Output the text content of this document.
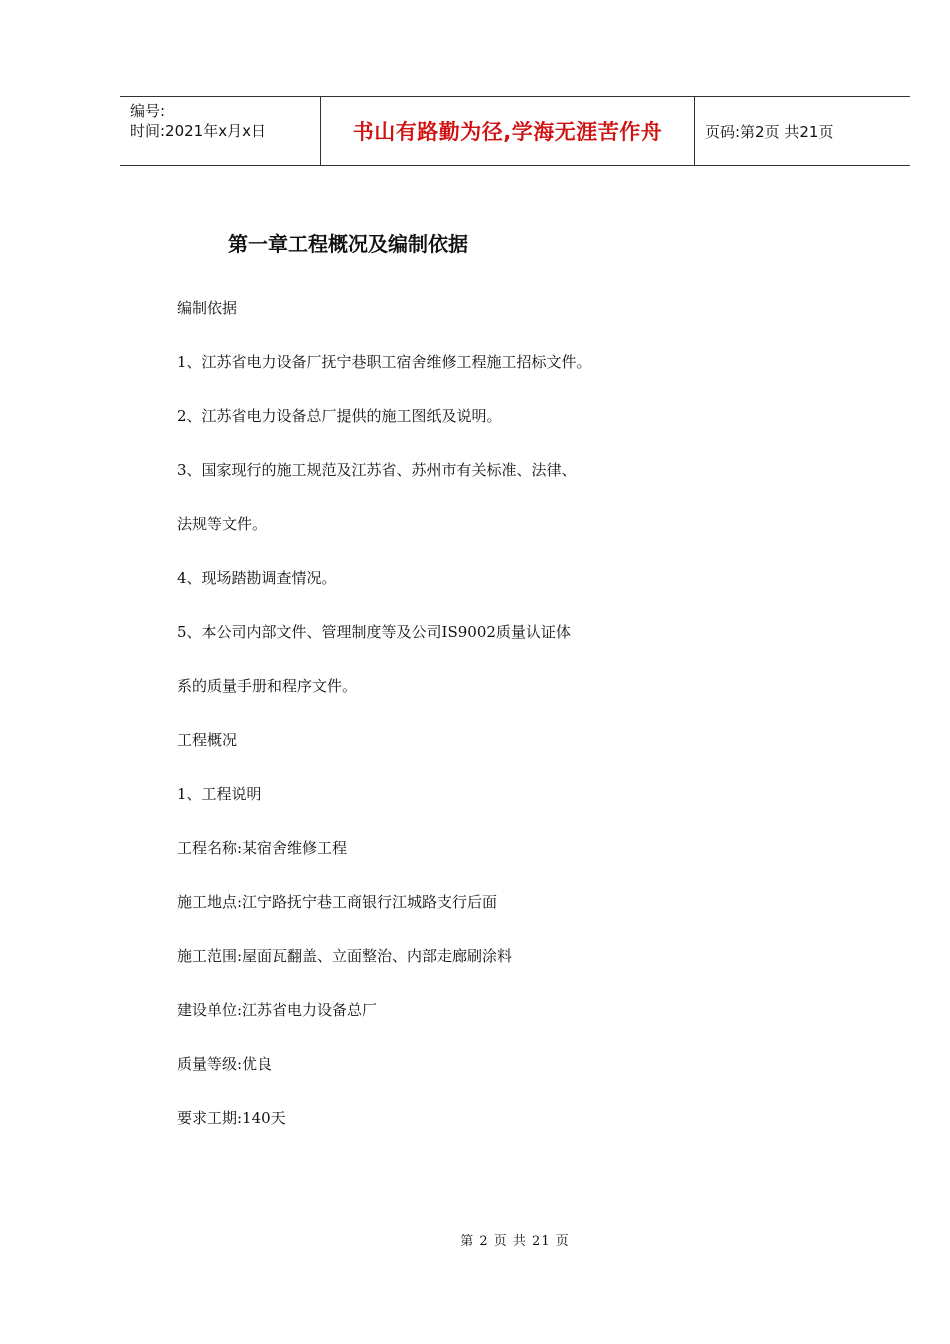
编号:
时间:2021年x月x日	书山有路勤为径,学海无涯苦作舟	页码:第2页 共21页
第一章工程概况及编制依据

编制依据

1、江苏省电力设备厂抚宁巷职工宿舍维修工程施工招标文件。

2、江苏省电力设备总厂提供的施工图纸及说明。

3、国家现行的施工规范及江苏省、苏州市有关标准、法律、

法规等文件。

4、现场踏勘调查情况。

5、本公司内部文件、管理制度等及公司IS9002质量认证体

系的质量手册和程序文件。

工程概况

1、工程说明

工程名称:某宿舍维修工程

施工地点:江宁路抚宁巷工商银行江城路支行后面

施工范围:屋面瓦翻盖、立面整治、内部走廊刷涂料

建设单位:江苏省电力设备总厂

质量等级:优良

要求工期:140天

第 2 页 共 21 页
